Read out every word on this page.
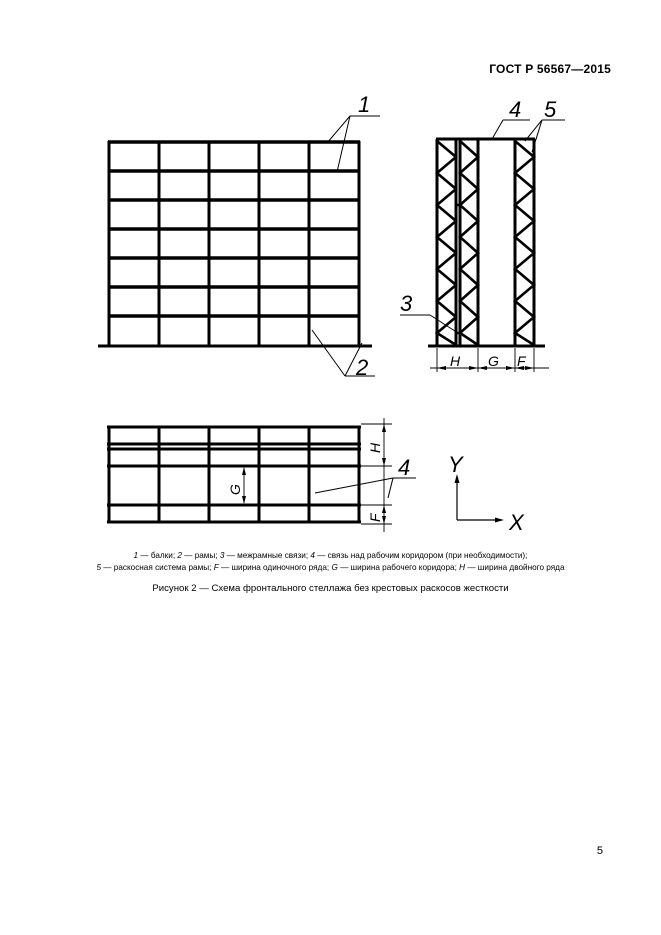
ГОСТ Р 56567—2015
1
2
3
4 5
H G F
H
F
G
4 Y
X
1 — балки; 2 — рамы; 3 — межрамные связи; 4 — связь над рабочим коридором (при необходимости);
5 — раскосная система рамы; F — ширина одиночного ряда; G — ширина рабочего коридора; H — ширина двойного ряда
Рисунок 2 — Схема фронтального стеллажа без крестовых раскосов жесткости
5
